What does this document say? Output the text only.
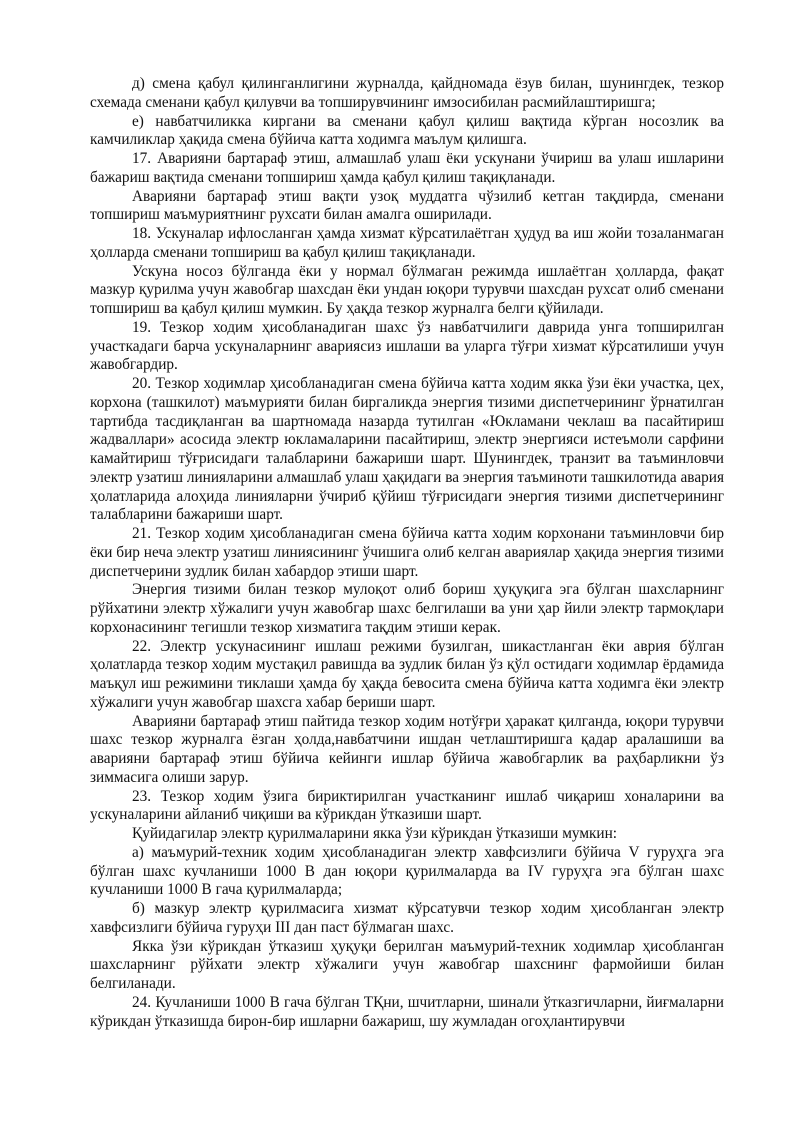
д) смена қабул қилинганлигини журналда, қайдномада ёзув билан, шунингдек, тезкор схемада сменани қабул қилувчи ва топширувчининг имзосибилан расмийлаштиришга;

е) навбатчиликка киргани ва сменани қабул қилиш вақтида кўрган носозлик ва камчиликлар ҳақида смена бўйича катта ходимга маълум қилишга.

17. Аварияни бартараф этиш, алмашлаб улаш ёки ускунани ўчириш ва улаш ишларини бажариш вақтида сменани топшириш ҳамда қабул қилиш тақиқланади.

Аварияни бартараф этиш вақти узоқ муддатга чўзилиб кетган тақдирда, сменани топшириш маъмуриятнинг рухсати билан амалга оширилади.

18. Ускуналар ифлосланган ҳамда хизмат кўрсатилаётган ҳудуд ва иш жойи тозаланмаган ҳолларда сменани топшириш ва қабул қилиш тақиқланади.

Ускуна носоз бўлганда ёки у нормал бўлмаган режимда ишлаётган ҳолларда, фақат мазкур қурилма учун жавобгар шахсдан ёки ундан юқори турувчи шахсдан рухсат олиб сменани топшириш ва қабул қилиш мумкин. Бу ҳақда тезкор журналга белги қўйилади.

19. Тезкор ходим ҳисобланадиган шахс ўз навбатчилиги даврида унга топширилган участкадаги барча ускуналарнинг авариясиз ишлаши ва уларга тўғри хизмат кўрсатилиши учун жавобгардир.

20. Тезкор ходимлар ҳисобланадиган смена бўйича катта ходим якка ўзи ёки участка, цех, корхона (ташкилот) маъмурияти билан биргаликда энергия тизими диспетчерининг ўрнатилган тартибда тасдиқланган ва шартномада назарда тутилган «Юкламани чеклаш ва пасайтириш жадваллари» асосида электр юкламаларини пасайтириш, электр энергияси истеъмоли сарфини камайтириш тўғрисидаги талабларини бажариши шарт. Шунингдек, транзит ва таъминловчи электр узатиш линияларини алмашлаб улаш ҳақидаги ва энергия таъминоти ташкилотида авария ҳолатларида алоҳида линияларни ўчириб қўйиш тўғрисидаги энергия тизими диспетчерининг талабларини бажариши шарт.

21. Тезкор ходим ҳисобланадиган смена бўйича катта ходим корхонани таъминловчи бир ёки бир неча электр узатиш линиясининг ўчишига олиб келган авариялар ҳақида энергия тизими диспетчерини зудлик билан хабардор этиши шарт.

Энергия тизими билан тезкор мулоқот олиб бориш ҳуқуқига эга бўлган шахсларнинг рўйхатини электр хўжалиги учун жавобгар шахс белгилаши ва уни ҳар йили электр тармоқлари корхонасининг тегишли тезкор хизматига тақдим этиши керак.

22. Электр ускунасининг ишлаш режими бузилган, шикастланган ёки аврия бўлган ҳолатларда тезкор ходим мустақил равишда ва зудлик билан ўз қўл остидаги ходимлар ёрдамида маъқул иш режимини тиклаши ҳамда бу ҳақда бевосита смена бўйича катта ходимга ёки электр хўжалиги учун жавобгар шахсга хабар бериши шарт.

Аварияни бартараф этиш пайтида тезкор ходим нотўғри ҳаракат қилганда, юқори турувчи шахс тезкор журналга ёзган ҳолда,навбатчини ишдан четлаштиришга қадар аралашиши ва аварияни бартараф этиш бўйича кейинги ишлар бўйича жавобгарлик ва раҳбарликни ўз зиммасига олиши зарур.

23. Тезкор ходим ўзига бириктирилган участканинг ишлаб чиқариш хоналарини ва ускуналарини айланиб чиқиши ва кўрикдан ўтказиши шарт.

Қуйидагилар электр қурилмаларини якка ўзи кўрикдан ўтказиши мумкин:

а) маъмурий-техник ходим ҳисобланадиган электр хавфсизлиги бўйича V гуруҳга эга бўлган шахс кучланиши 1000 В дан юқори қурилмаларда ва IV гуруҳга эга бўлган шахс кучланиши 1000 В гача қурилмаларда;

б) мазкур электр қурилмасига хизмат кўрсатувчи тезкор ходим ҳисобланган электр хавфсизлиги бўйича гуруҳи III дан паст бўлмаган шахс.

Якка ўзи кўрикдан ўтказиш ҳуқуқи берилган маъмурий-техник ходимлар ҳисобланган шахсларнинг рўйхати электр хўжалиги учун жавобгар шахснинг фармойиши билан белгиланади.

24. Кучланиши 1000 В гача бўлган ТҚни, шчитларни, шинали ўтказгичларни, йиғмаларни кўрикдан ўтказишда бирон-бир ишларни бажариш, шу жумладан огоҳлантирувчи
